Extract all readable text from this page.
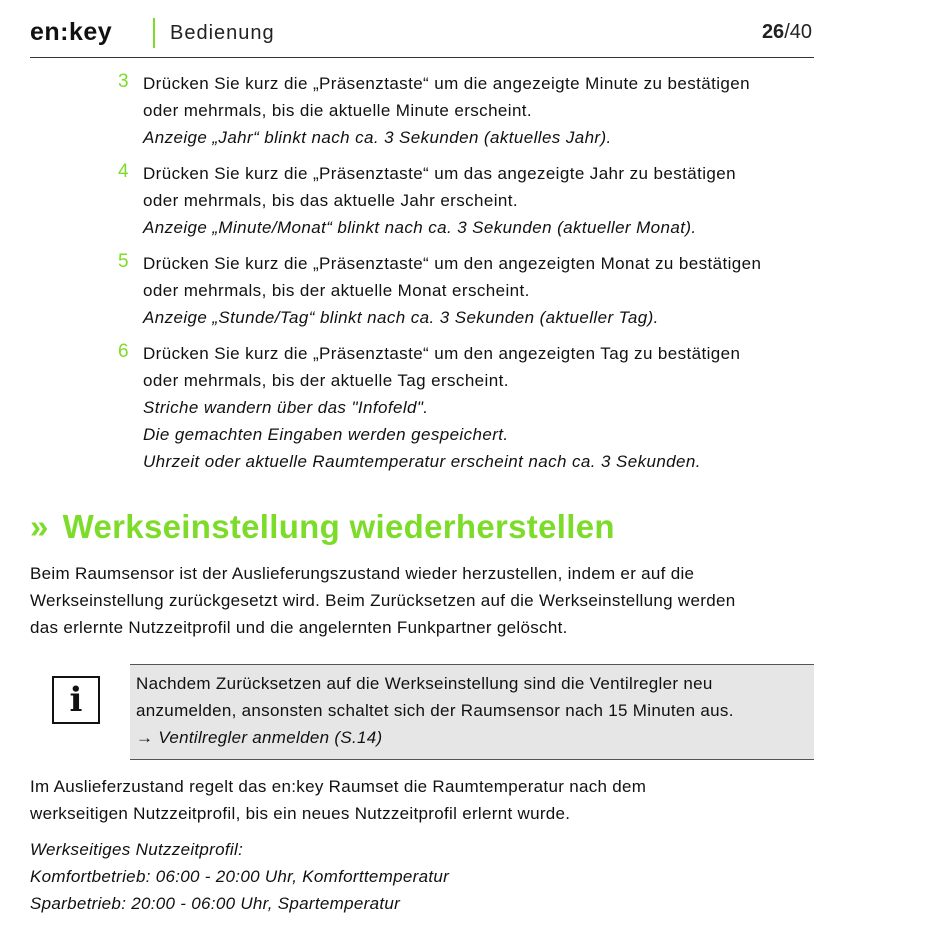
en:key	Bedienung	26/40
3 Drücken Sie kurz die „Präsenztaste“ um die angezeigte Minute zu bestätigen
oder mehrmals, bis die aktuelle Minute erscheint.
Anzeige „Jahr“ blinkt nach ca. 3 Sekunden (aktuelles Jahr).

4 Drücken Sie kurz die „Präsenztaste“ um das angezeigte Jahr zu bestätigen
oder mehrmals, bis das aktuelle Jahr erscheint.
Anzeige „Minute/Monat“ blinkt nach ca. 3 Sekunden (aktueller Monat).

5 Drücken Sie kurz die „Präsenztaste“ um den angezeigten Monat zu bestätigen
oder mehrmals, bis der aktuelle Monat erscheint.
Anzeige „Stunde/Tag“ blinkt nach ca. 3 Sekunden (aktueller Tag).

6 Drücken Sie kurz die „Präsenztaste“ um den angezeigten Tag zu bestätigen
oder mehrmals, bis der aktuelle Tag erscheint.
Striche wandern über das "Infofeld".
Die gemachten Eingaben werden gespeichert.
Uhrzeit oder aktuelle Raumtemperatur erscheint nach ca. 3 Sekunden.

» Werkseinstellung wiederherstellen

Beim Raumsensor ist der Auslieferungszustand wieder herzustellen, indem er auf die
Werkseinstellung zurückgesetzt wird. Beim Zurücksetzen auf die Werkseinstellung werden
das erlernte Nutzzeitprofil und die angelernten Funkpartner gelöscht.

i	Nachdem Zurücksetzen auf die Werkseinstellung sind die Ventilregler neu
anzumelden, ansonsten schaltet sich der Raumsensor nach 15 Minuten aus.
→ Ventilregler anmelden (S.14)

Im Auslieferzustand regelt das en:key Raumset die Raumtemperatur nach dem
werkseitigen Nutzzeitprofil, bis ein neues Nutzzeitprofil erlernt wurde.

Werkseitiges Nutzzeitprofil:
Komfortbetrieb: 06:00 - 20:00 Uhr, Komforttemperatur
Sparbetrieb: 20:00 - 06:00 Uhr, Spartemperatur
